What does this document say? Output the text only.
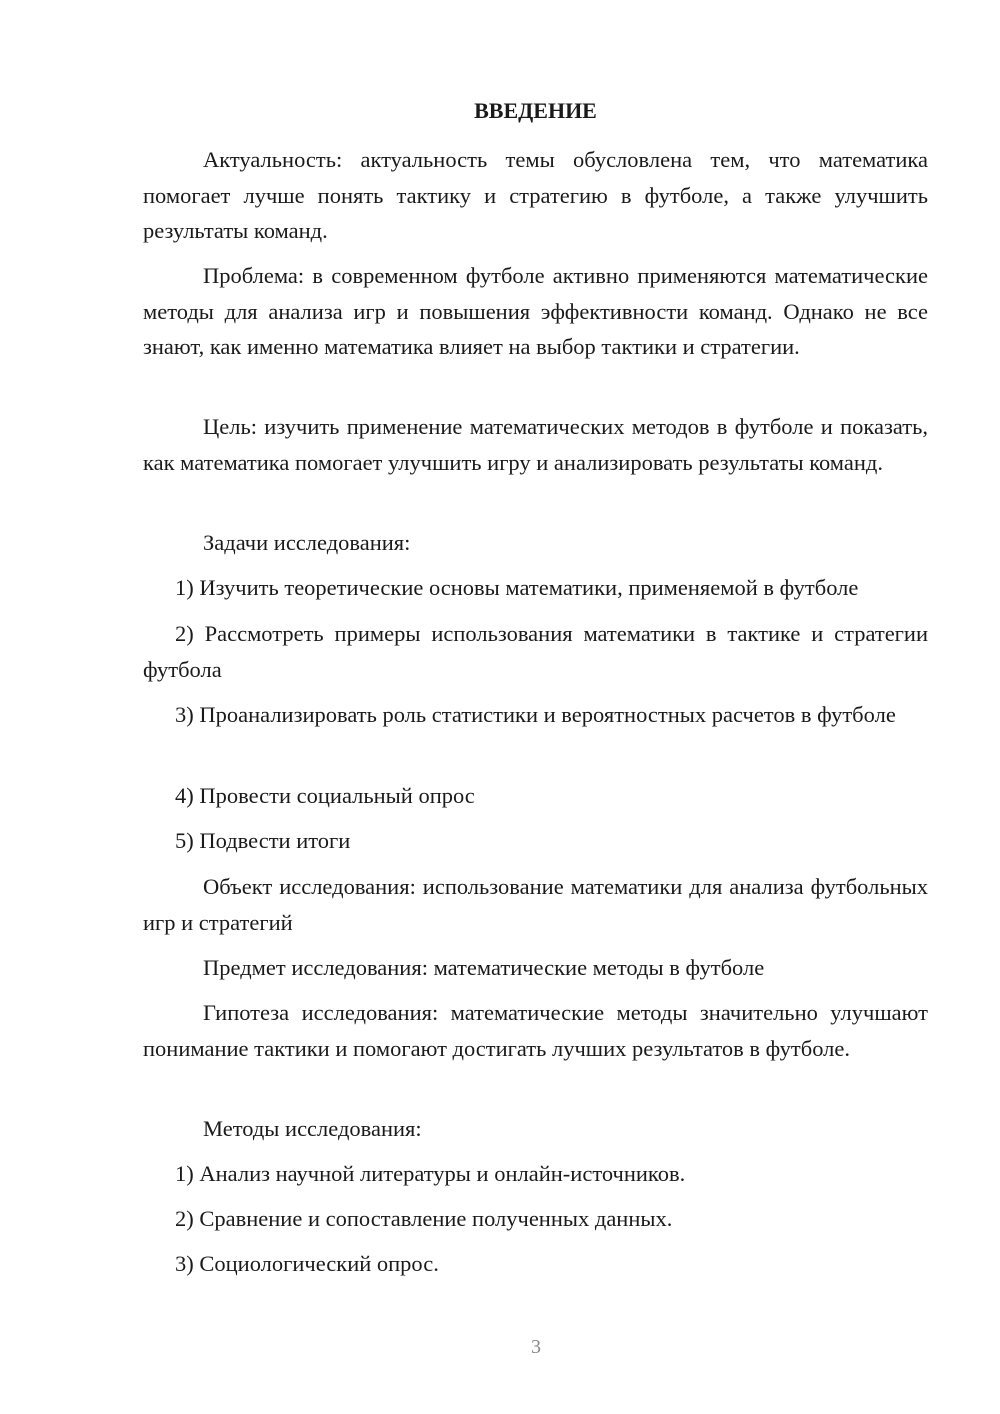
ВВЕДЕНИЕ

Актуальность: актуальность темы обусловлена тем, что математика помогает лучше понять тактику и стратегию в футболе, а также улучшить результаты команд.

Проблема: в современном футболе активно применяются математические методы для анализа игр и повышения эффективности команд. Однако не все знают, как именно математика влияет на выбор тактики и стратегии.

Цель: изучить применение математических методов в футболе и показать, как математика помогает улучшить игру и анализировать результаты команд.

Задачи исследования:

1) Изучить теоретические основы математики, применяемой в футболе

2) Рассмотреть примеры использования математики в тактике и стратегии футбола

3) Проанализировать роль статистики и вероятностных расчетов в футболе

4) Провести социальный опрос

5) Подвести итоги

Объект исследования: использование математики для анализа футбольных игр и стратегий

Предмет исследования: математические методы в футболе

Гипотеза исследования: математические методы значительно улучшают понимание тактики и помогают достигать лучших результатов в футболе.

Методы исследования:

1) Анализ научной литературы и онлайн-источников.

2) Сравнение и сопоставление полученных данных.

3) Социологический опрос.

3
